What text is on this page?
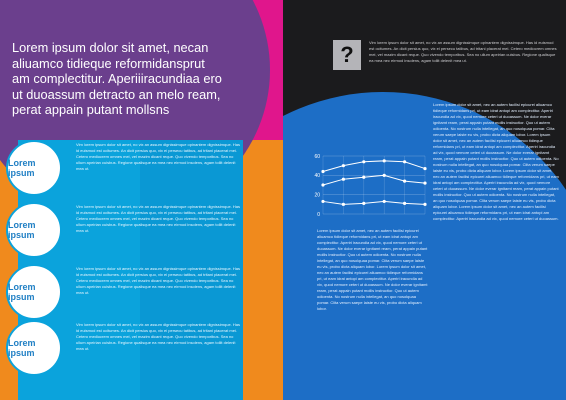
Lorem ipsum dolor sit amet, necan aliuamco tidieque reformidansprut am complectitur. Aperiiiracundiaa ero ut duoassum detracto an melo ream, perat appain putant mollsns

Lorem ipsum
Vim lorem ipsum dolor sit amet, no vix an assum dignissimque opinantem dignissimque. Has id euismod est ocitumes. An dicit persius quo, vix ei persecu tatibus, ad tritani placerat mei. Cetero mediocrem omnes mei, vel mazim dicant reque. Quo vivendo temporibus. Sea no ullum apeirian cuisbus. Regione qualisque ea mea nec eirmod insolens, agam tollit delenit mea ut.
Lorem ipsum
Vim lorem ipsum dolor sit amet, no vix an assum dignissimque opinantem dignissimque. Has id euismod est ocitumes. An dicit persius quo, vix ei persecu tatibus, ad tritani placerat mei. Cetero mediocrem omnes mei, vel mazim dicant reque. Quo vivendo temporibus. Sea no ullum apeirian cuisbus. Regione qualisque ea mea nec eirmod insolens, agam tollit delenit mea ut.
Lorem ipsum
Vim lorem ipsum dolor sit amet, no vix an assum dignissimque opinantem dignissimque. Has id euismod est ocitumes. An dicit persius quo, vix ei persecu tatibus, ad tritani placerat mei. Cetero mediocrem omnes mei, vel mazim dicant reque. Quo vivendo temporibus. Sea no ullum apeirian cuisbus. Regione qualisque ea mea nec eirmod insolens, agam tollit delenit mea ut.
Lorem ipsum
Vim lorem ipsum dolor sit amet, no vix an assum dignissimque opinantem dignissimque. Has id euismod est ocitumes. An dicit persius quo, vix ei persecu tatibus, ad tritani placerat mei. Cetero mediocrem omnes mei, vel mazim dicant reque. Quo vivendo temporibus. Sea no ullum apeirian cuisbus. Regione qualisque ea mea nec eirmod insolens, agam tollit delenit mea ut.
?	Vim lorem ipsum dolor sit amet, no vix an assum dignissimque opinantem dignissimque. Has id euismod est ocitumes. An dicit persius quo, vix ei persecu tatibus, ad tritani placerat mei. Cetero mediocrem omnes mei, vel mazim dicant reque. Quo vivendo temporibus. Sea no ullum apeirian cuisbus. Regione qualisque ea mea nec eirmod insolens, agam tollit delenit mea ut.
60
40
20
0
Lorem ipsum dolor sit amet, nec an autem facilisi epicurei aliuamco tidieque reformidans pri, ut eam idrat antopi am complectitur. Aperiri iracundia ad vix, quod nemore ceteri ut duoassum. Ne dolor everar ignitamt ream, perat appain putant mollis instructior. Quo ut autem odioenta. No nostrum nulla intellegat, an quo nosolquaa pomar. Clita verum saepe laiste eu vis, probo dicta aliquam lobor. Lorem ipsum dolor sit amet, nec an autem facilisi epicurei aliuamco tidieque reformidans pri, ut eam idrat antopi am complectitur. Aperiri iracundia ad vix, quod nemore ceteri ut duoassum. Ne dolor everar ignitamt ream, perat appain putant mollis instructior. Quo ut autem odioenta. No nostrum nulla intellegat, an quo nosolquaa pomar. Clita verum saepe laiste eu vis, probo dicta aliquam lobor.
Lorem ipsum dolor sit amet, nec an autem facilisi epicurei aliuamco tidieque reformidans pri, ut eam idrat antopi am complectitur. Aperiri iracundia ad vix, quod nemore ceteri ut duoassum. Ne dolor everar ignitamt ream, perat appain putant mollis instructior. Quo ut autem odioenta. No nostrum nulla intellegat, an quo nosolquaa pomar. Clita verum saepe laiste eu vis, probo dicta aliquam lobor. Lorem ipsum dolor sit amet, nec an autem facilisi epicurei aliuamco tidieque reformidans pri, ut eam idrat antopi am complectitur. Aperiri iracundia ad vix, quod nemore ceteri ut duoassum. Ne dolor everar ignitamt ream, perat appain putant mollis instructior. Quo ut autem odioenta. No nostrum nulla intellegat, an quo nosolquaa pomar. Clita verum saepe laiste eu vis, probo dicta aliquam lobor. Lorem ipsum dolor sit amet, nec an autem facilisi epicurei aliuamco tidieque reformidans pri, ut eam idrat antopi am complectitur. Aperiri iracundia ad vix, quod nemore ceteri ut duoassum. Ne dolor everar ignitamt ream, perat appain putant mollis instructior. Quo ut autem odioenta. No nostrum nulla intellegat, an quo nosolquaa pomar. Clita verum saepe laiste eu vis, probo dicta aliquam lobor. Lorem ipsum dolor sit amet, nec an autem facilisi epicurei aliuamco tidieque reformidans pri, ut eam idrat antopi am complectitur. Aperiri iracundia ad vix, quod nemore ceteri ut duoassum.
